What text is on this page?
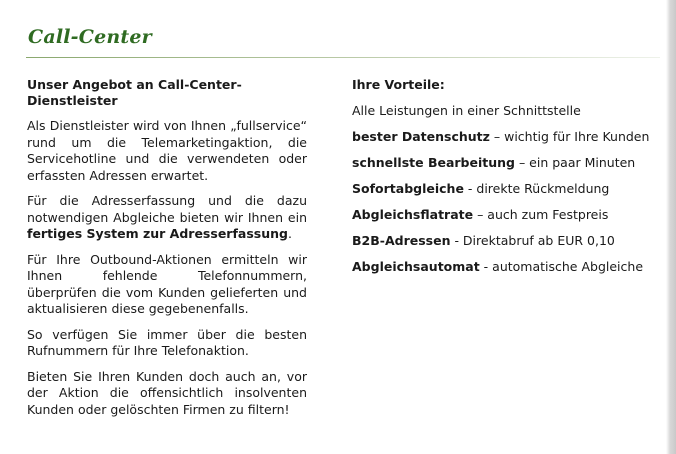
Call-Center
Unser Angebot an Call-Center-Dienstleister

Als Dienstleister wird von Ihnen „fullservice“ rund um die Telemarketingaktion, die Servicehotline und die verwendeten oder erfassten Adressen erwartet.

Für die Adresserfassung und die dazu notwendigen Abgleiche bieten wir Ihnen ein fertiges System zur Adresserfassung.

Für Ihre Outbound-Aktionen ermitteln wir Ihnen fehlende Telefonnummern, überprüfen die vom Kunden gelieferten und aktualisieren diese gegebenenfalls.

So verfügen Sie immer über die besten Rufnummern für Ihre Telefonaktion.

Bieten Sie Ihren Kunden doch auch an, vor der Aktion die offensichtlich insolventen Kunden oder gelöschten Firmen zu filtern!

Ihre Vorteile:
Alle Leistungen in einer Schnittstelle
bester Datenschutz – wichtig für Ihre Kunden
schnellste Bearbeitung – ein paar Minuten
Sofortabgleiche - direkte Rückmeldung
Abgleichsflatrate – auch zum Festpreis
B2B-Adressen - Direktabruf ab EUR 0,10
Abgleichsautomat - automatische Abgleiche
